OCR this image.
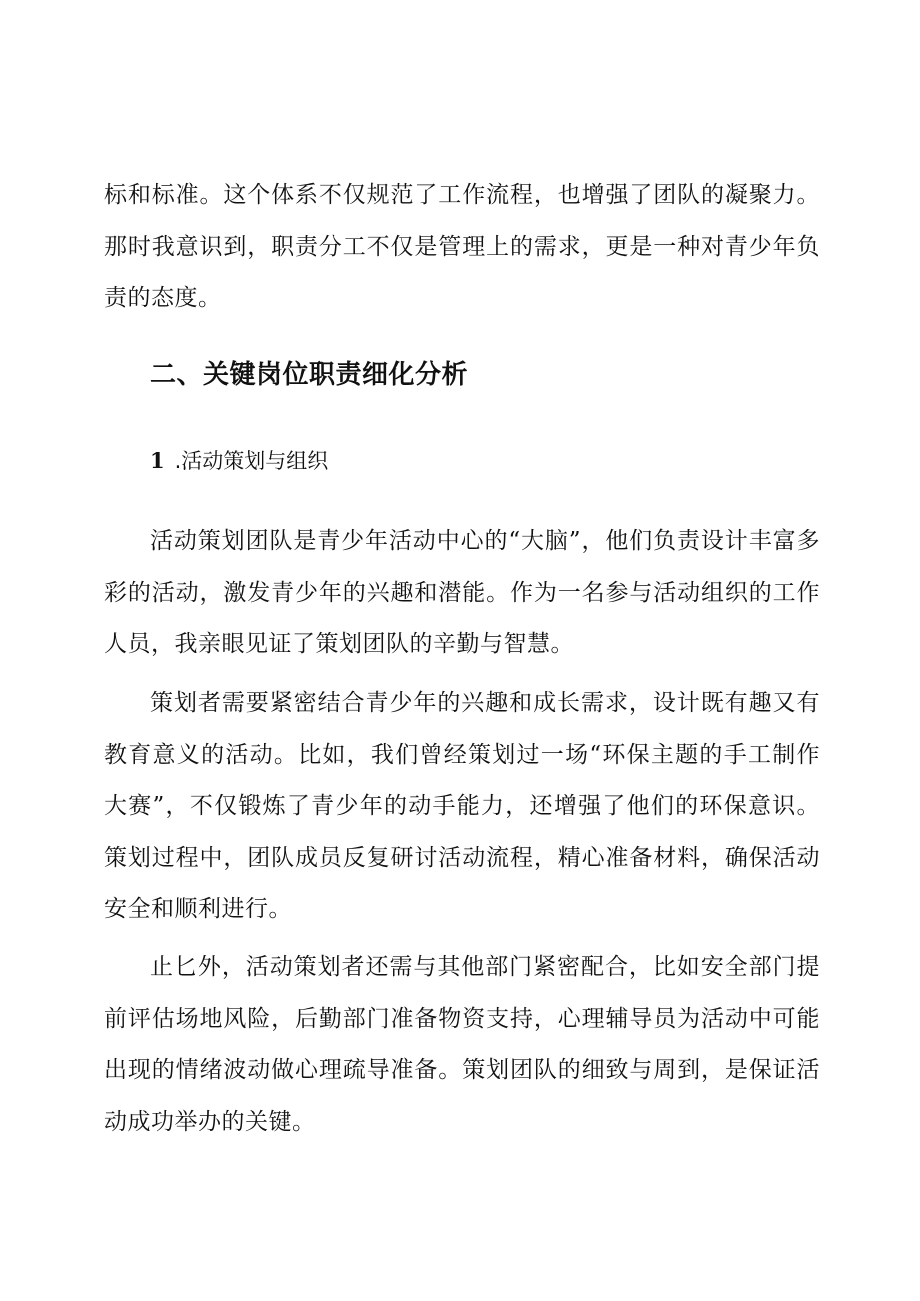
标和标准。这个体系不仅规范了工作流程，也增强了团队的凝聚力。那时我意识到，职责分工不仅是管理上的需求，更是一种对青少年负责的态度。

二、关键岗位职责细化分析
1 .活动策划与组织

活动策划团队是青少年活动中心的“大脑”，他们负责设计丰富多彩的活动，激发青少年的兴趣和潜能。作为一名参与活动组织的工作人员，我亲眼见证了策划团队的辛勤与智慧。

策划者需要紧密结合青少年的兴趣和成长需求，设计既有趣又有教育意义的活动。比如，我们曾经策划过一场“环保主题的手工制作大赛”，不仅锻炼了青少年的动手能力，还增强了他们的环保意识。策划过程中，团队成员反复研讨活动流程，精心准备材料，确保活动安全和顺利进行。

止匕外，活动策划者还需与其他部门紧密配合，比如安全部门提前评估场地风险，后勤部门准备物资支持，心理辅导员为活动中可能出现的情绪波动做心理疏导准备。策划团队的细致与周到，是保证活动成功举办的关键。
